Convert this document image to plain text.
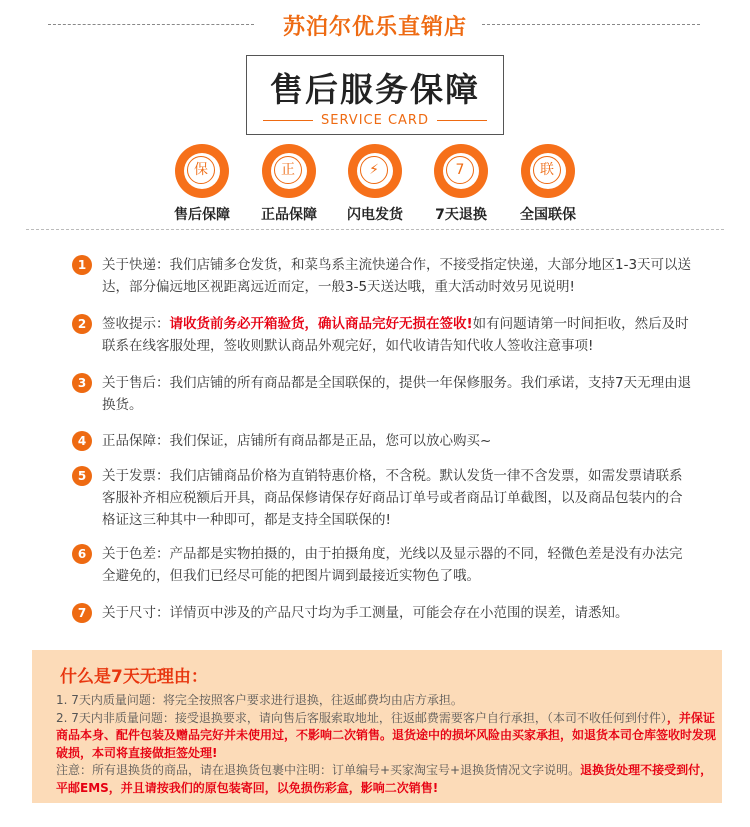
苏泊尔优乐直销店
售后服务保障
SERVICE CARD
保
售后保障
正
正品保障
⚡
闪电发货
7
7天退换
联
全国联保
1	关于快递：我们店铺多仓发货，和菜鸟系主流快递合作，不接受指定快递，大部分地区1-3天可以送达，部分偏远地区视距离远近而定，一般3-5天送达哦，重大活动时效另见说明!
2	签收提示：请收货前务必开箱验货，确认商品完好无损在签收!如有问题请第一时间拒收，然后及时联系在线客服处理，签收则默认商品外观完好，如代收请告知代收人签收注意事项!
3	关于售后：我们店铺的所有商品都是全国联保的，提供一年保修服务。我们承诺，支持7天无理由退换货。
4	正品保障：我们保证，店铺所有商品都是正品，您可以放心购买~
5	关于发票：我们店铺商品价格为直销特惠价格，不含税。默认发货一律不含发票，如需发票请联系客服补齐相应税额后开具，商品保修请保存好商品订单号或者商品订单截图，以及商品包装内的合格证这三种其中一种即可，都是支持全国联保的!
6	关于色差：产品都是实物拍摄的，由于拍摄角度，光线以及显示器的不同，轻微色差是没有办法完全避免的，但我们已经尽可能的把图片调到最接近实物色了哦。
7	关于尺寸：详情页中涉及的产品尺寸均为手工测量，可能会存在小范围的误差，请悉知。
什么是7天无理由：
1. 7天内质量问题：将完全按照客户要求进行退换，往返邮费均由店方承担。
2. 7天内非质量问题：接受退换要求，请向售后客服索取地址，往返邮费需要客户自行承担，（本司不收任何到付件），并保证商品本身、配件包装及赠品完好并未使用过，不影响二次销售。退货途中的损坏风险由买家承担，如退货本司仓库签收时发现破损，本司将直接做拒签处理!
注意：所有退换货的商品，请在退换货包裹中注明：订单编号+买家淘宝号+退换货情况文字说明。退换货处理不接受到付，平邮EMS，并且请按我们的原包装寄回，以免损伤彩盒，影响二次销售!
